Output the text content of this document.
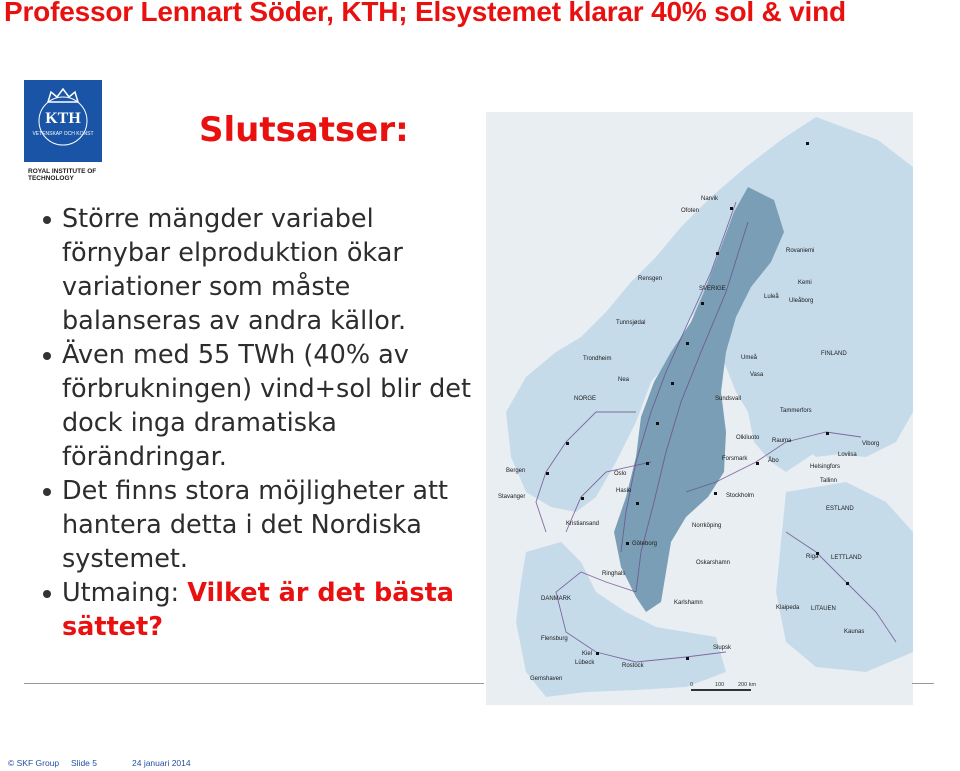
Professor Lennart Söder, KTH; Elsystemet klarar 40% sol & vind
KTH
VETENSKAP OCH KONST
ROYAL INSTITUTE OF TECHNOLOGY
Slutsatser:
Större mängder variabel förnybar elproduktion ökar variationer som måste balanseras av andra källor.
Även med 55 TWh (40% av förbrukningen) vind+sol blir det dock inga dramatiska förändringar.
Det finns stora möjligheter att hantera detta i det Nordiska systemet.
Utmaing: Vilket är det bästa sättet?
Narvik
Ofoten
Rovaniemi
Kemi
Uleåborg
Rensgen
SVERIGE
Luleå
Tunnsjødal
Trondheim	Umeå
FINLAND
Vasa
Nea
NORGE	Sundsvall
Tammerfors
Olkiluoto Rauma	Viborg
Forsmark	Åbo
Helsingfors
Loviisa
Bergen	Oslo
Hasle
Stockholm
Tallinn
Stavanger
Kristiansand
ESTLAND
Norrköping
Göteborg
LETTLAND
Riga
Oskarshamn
Ringhals
DANMARK
Karlshamn
Klaipeda LITAUEN
Kaunas
Flensburg
Slupsk
Kiel
Lübeck	Rostock
Gemshaven
0	100	200 km
© SKF Group Slide 5	24 januari 2014
